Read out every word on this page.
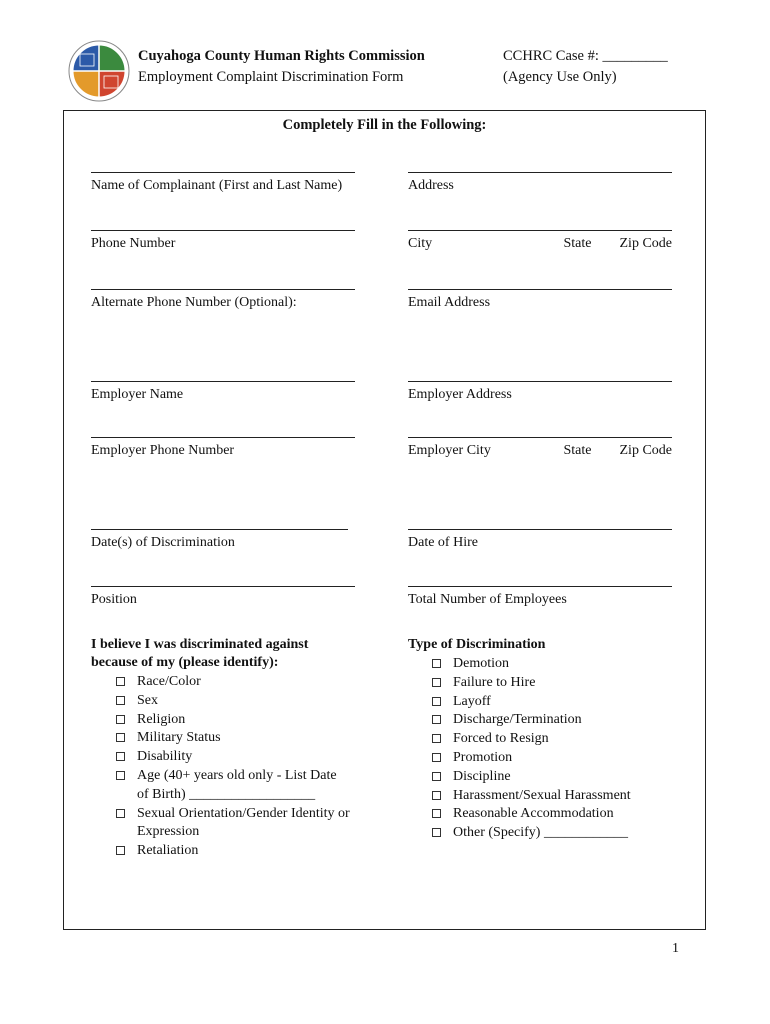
Cuyahoga County Human Rights Commission
Employment Complaint Discrimination Form
CCHRC Case #: _________
(Agency Use Only)
Completely Fill in the Following:
Name of Complainant (First and Last Name)	Address
Phone Number	City	State Zip Code
Alternate Phone Number (Optional):	Email Address
Employer Name	Employer Address
Employer Phone Number	Employer City	State Zip Code
Date(s) of Discrimination	Date of Hire
Position	Total Number of Employees
I believe I was discriminated against
because of my (please identify):
Race/Color
Sex
Religion
Military Status
Disability
Age (40+ years old only - List Date
of Birth) __________________
Sexual Orientation/Gender Identity or
Expression
Retaliation
Type of Discrimination
Demotion
Failure to Hire
Layoff
Discharge/Termination
Forced to Resign
Promotion
Discipline
Harassment/Sexual Harassment
Reasonable Accommodation
Other (Specify) ____________
1
